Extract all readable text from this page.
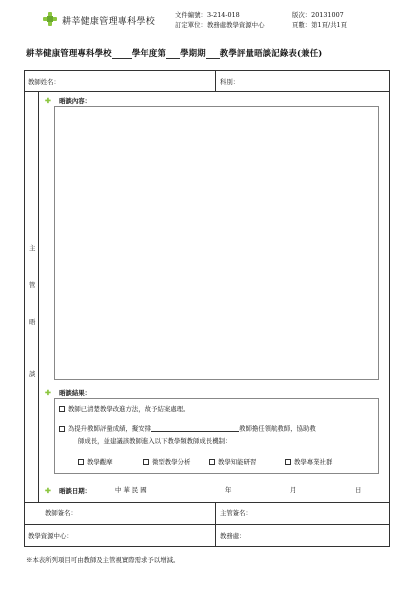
耕莘健康管理專科學校
文件編號：3-214-018
訂定單位：教務處教學資源中心
版次：20131007
頁數：第1頁/共1頁
耕莘健康管理專科學校 學年度第 學期期 教學評量晤談記錄表(兼任)
教師姓名：	科別：
主
管
晤
談
✚ 晤談內容：
✚ 晤談結果：
教師已清楚教學改進方法，故予結案處理。
為提升教師評量成績，擬安排	教師擔任領航教師，協助教
師成長，並建議該教師進入以下教學類教師成長機制：
教學觀摩	微型教學分析	教學知能研習	教學專業社群
✚ 晤談日期：	中 華 民 國	年	月	日
教師簽名：	主管簽名：
教學資源中心：	教務處：
※本表所列項目可由教師及主管視實際需求予以增減。
